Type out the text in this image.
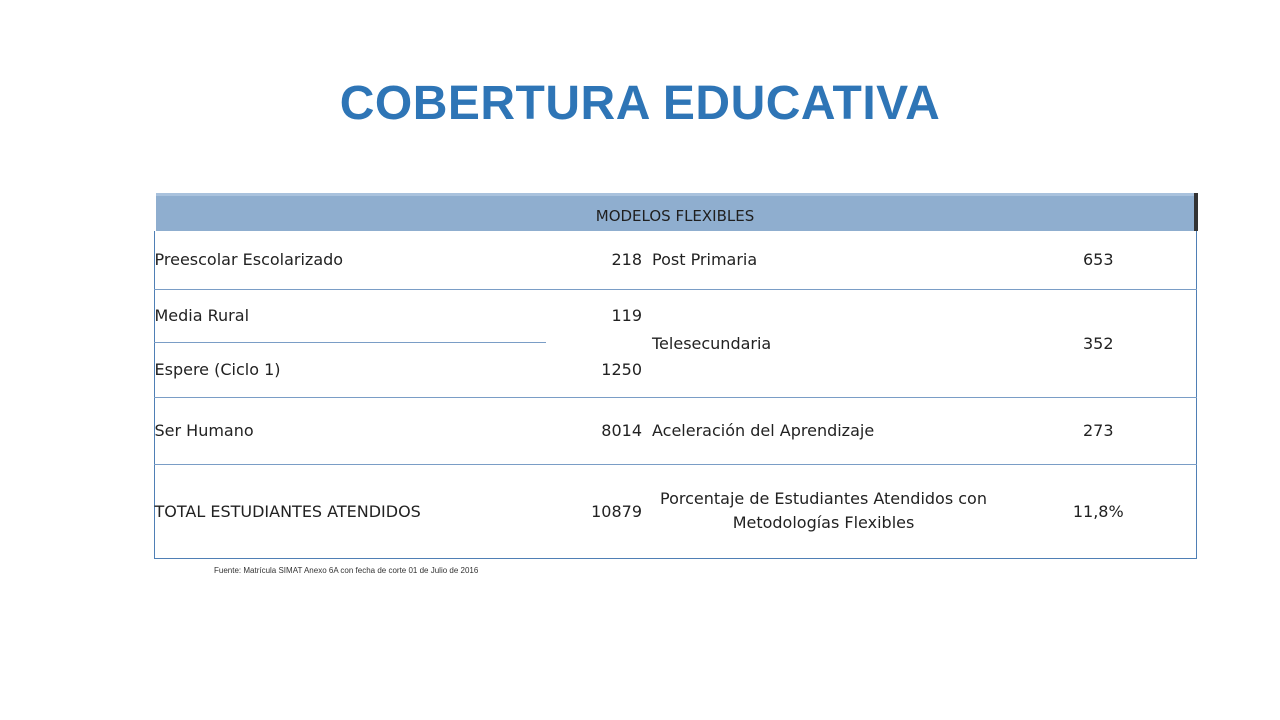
COBERTURA EDUCATIVA
MODELOS FLEXIBLES			
Preescolar Escolarizado	218	Post Primaria	653
Media Rural	119	Telesecundaria	352
Espere (Ciclo 1)	1250		
Ser Humano	8014	Aceleración del Aprendizaje	273
TOTAL ESTUDIANTES ATENDIDOS	10879	Porcentaje de Estudiantes Atendidos con Metodologías Flexibles	11,8%
Fuente: Matrícula SIMAT Anexo 6A con fecha de corte 01 de Julio de 2016
